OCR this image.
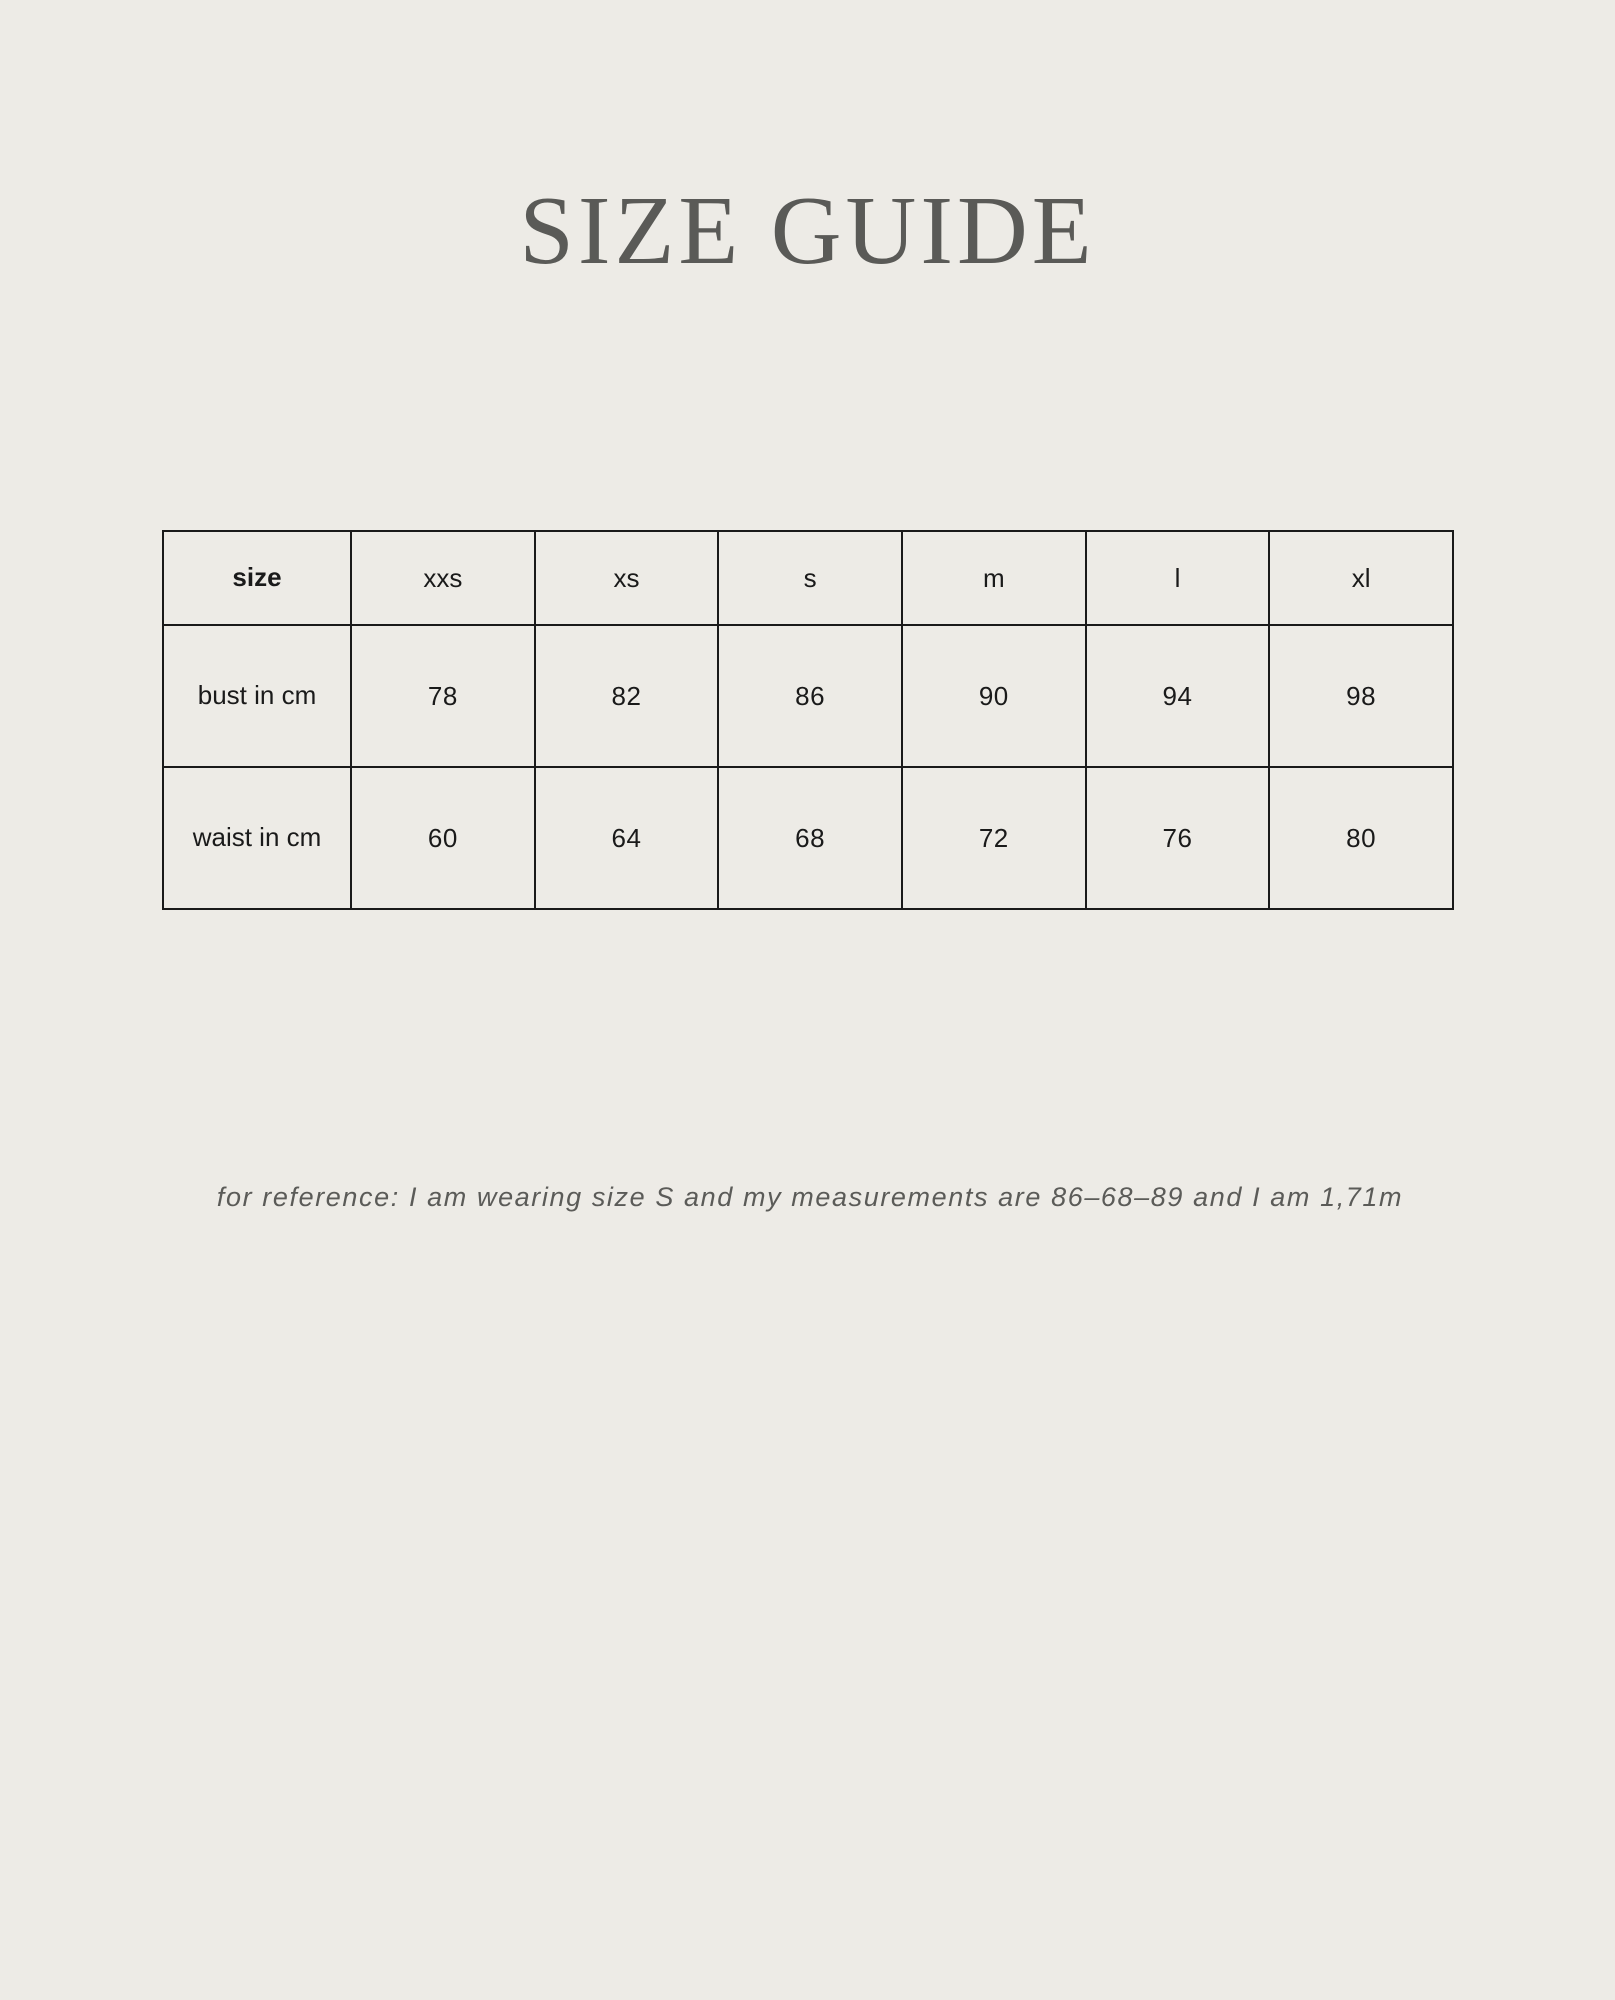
SIZE GUIDE
size	xxs	xs	s	m	l	xl
bust in cm	78	82	86	90	94	98
waist in cm	60	64	68	72	76	80
for reference: I am wearing size S and my measurements are 86–68–89 and I am 1,71m
